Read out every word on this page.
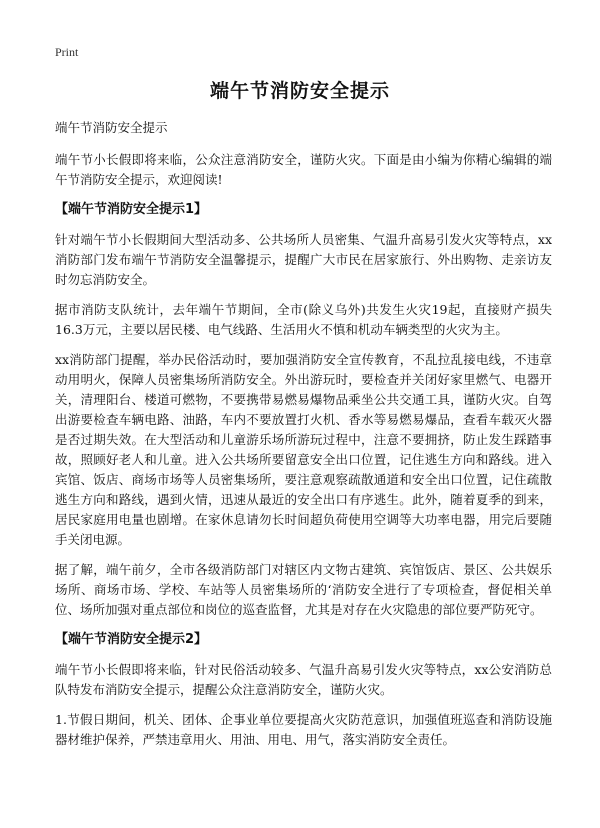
Print
端午节消防安全提示

端午节消防安全提示

端午节小长假即将来临，公众注意消防安全，谨防火灾。下面是由小编为你精心编辑的端午节消防安全提示，欢迎阅读!

【端午节消防安全提示1】

针对端午节小长假期间大型活动多、公共场所人员密集、气温升高易引发火灾等特点，xx消防部门发布端午节消防安全温馨提示，提醒广大市民在居家旅行、外出购物、走亲访友时勿忘消防安全。

据市消防支队统计，去年端午节期间，全市(除义乌外)共发生火灾19起，直接财产损失16.3万元，主要以居民楼、电气线路、生活用火不慎和机动车辆类型的火灾为主。

xx消防部门提醒，举办民俗活动时，要加强消防安全宣传教育，不乱拉乱接电线，不违章动用明火，保障人员密集场所消防安全。外出游玩时，要检查并关闭好家里燃气、电器开关，清理阳台、楼道可燃物，不要携带易燃易爆物品乘坐公共交通工具，谨防火灾。自驾出游要检查车辆电路、油路，车内不要放置打火机、香水等易燃易爆品，查看车载灭火器是否过期失效。在大型活动和儿童游乐场所游玩过程中，注意不要拥挤，防止发生踩踏事故，照顾好老人和儿童。进入公共场所要留意安全出口位置，记住逃生方向和路线。进入宾馆、饭店、商场市场等人员密集场所，要注意观察疏散通道和安全出口位置，记住疏散逃生方向和路线，遇到火情，迅速从最近的安全出口有序逃生。此外，随着夏季的到来，居民家庭用电量也剧增。在家休息请勿长时间超负荷使用空调等大功率电器，用完后要随手关闭电源。

据了解，端午前夕，全市各级消防部门对辖区内文物古建筑、宾馆饭店、景区、公共娱乐场所、商场市场、学校、车站等人员密集场所的‘消防安全进行了专项检查，督促相关单位、场所加强对重点部位和岗位的巡查监督，尤其是对存在火灾隐患的部位要严防死守。

【端午节消防安全提示2】

端午节小长假即将来临，针对民俗活动较多、气温升高易引发火灾等特点，xx公安消防总队特发布消防安全提示，提醒公众注意消防安全，谨防火灾。

1.节假日期间，机关、团体、企事业单位要提高火灾防范意识，加强值班巡查和消防设施器材维护保养，严禁违章用火、用油、用电、用气，落实消防安全责任。
